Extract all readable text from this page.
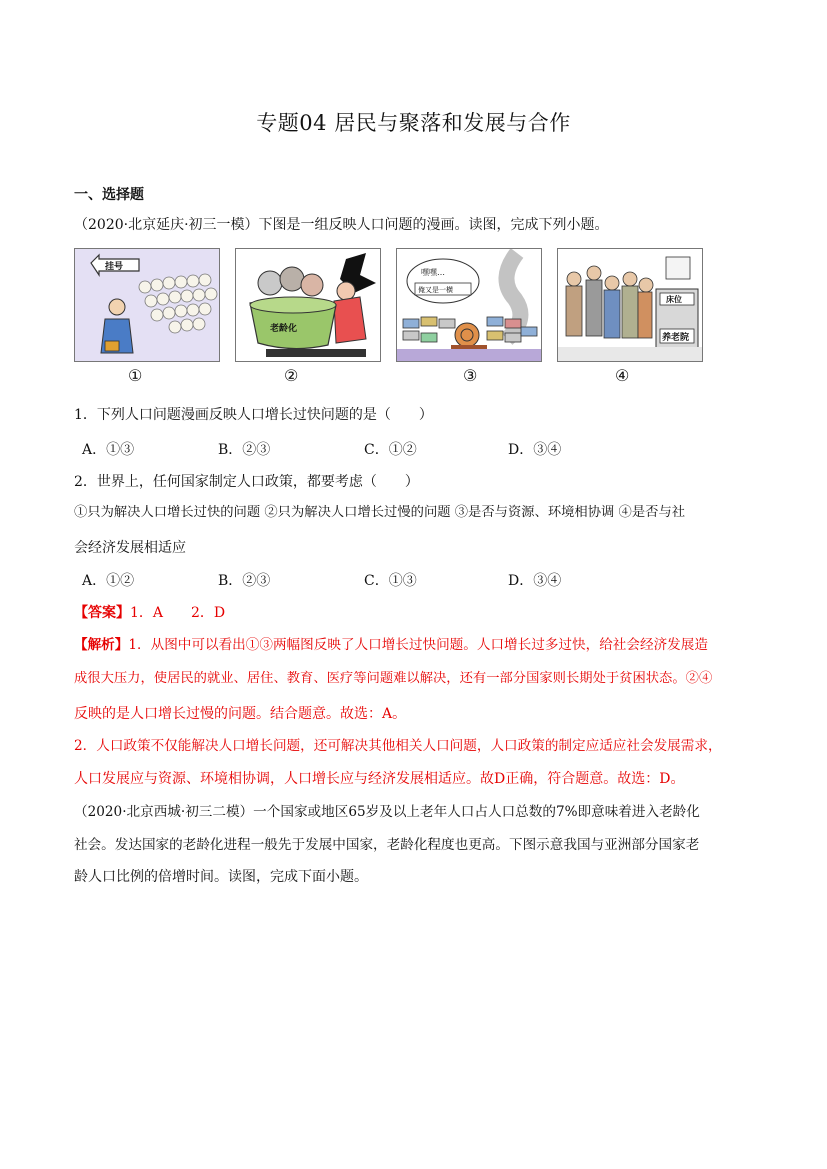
专题04 居民与聚落和发展与合作
一、选择题
（2020·北京延庆·初三一模）下图是一组反映人口问题的漫画。读图，完成下列小题。
挂号
老龄化
嘿嘿…
俺又是一横
床位
养老院
①	②	③	④
1．下列人口问题漫画反映人口增长过快问题的是（　　）
A．①③	B．②③	C．①②	D．③④
2．世界上，任何国家制定人口政策，都要考虑（　　）
①只为解决人口增长过快的问题 ②只为解决人口增长过慢的问题 ③是否与资源、环境相协调 ④是否与社
会经济发展相适应
A．①②	B．②③	C．①③	D．③④
【答案】1．A　　2．D
【解析】1．从图中可以看出①③两幅图反映了人口增长过快问题。人口增长过多过快，给社会经济发展造
成很大压力，使居民的就业、居住、教育、医疗等问题难以解决，还有一部分国家则长期处于贫困状态。②④
反映的是人口增长过慢的问题。结合题意。故选：A。
2．人口政策不仅能解决人口增长问题，还可解决其他相关人口问题，人口政策的制定应适应社会发展需求，
人口发展应与资源、环境相协调，人口增长应与经济发展相适应。故D正确，符合题意。故选：D。
（2020·北京西城·初三二模）一个国家或地区65岁及以上老年人口占人口总数的7%即意味着进入老龄化
社会。发达国家的老龄化进程一般先于发展中国家，老龄化程度也更高。下图示意我国与亚洲部分国家老
龄人口比例的倍增时间。读图，完成下面小题。
